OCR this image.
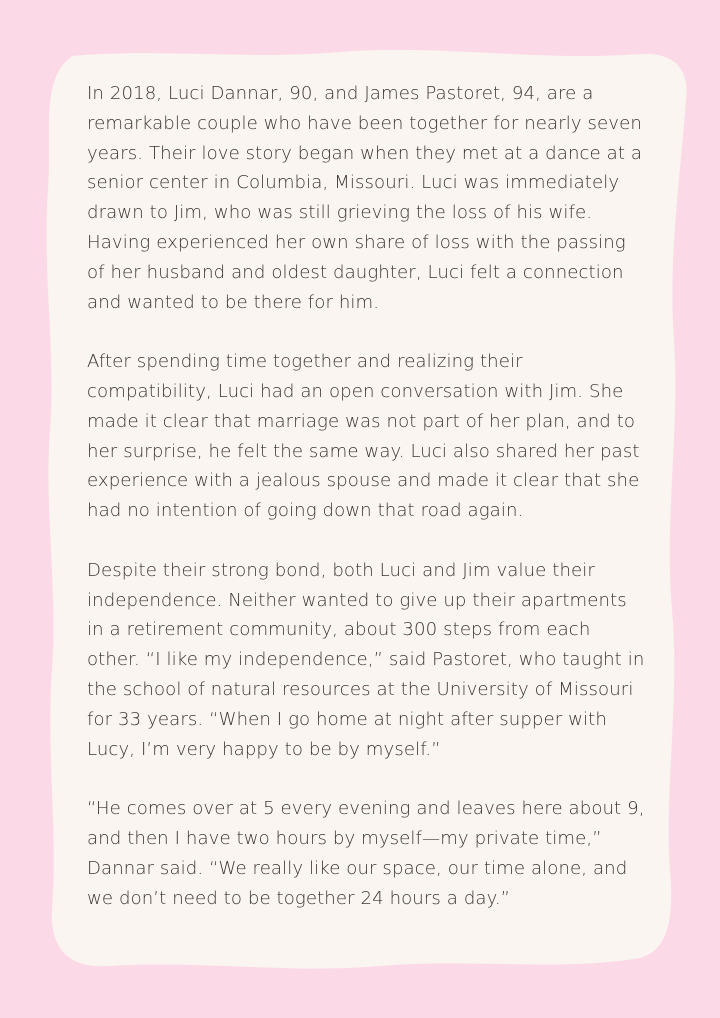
In 2018, Luci Dannar, 90, and James Pastoret, 94, are a remarkable couple who have been together for nearly seven years. Their love story began when they met at a dance at a senior center in Columbia, Missouri. Luci was immediately drawn to Jim, who was still grieving the loss of his wife. Having experienced her own share of loss with the passing of her husband and oldest daughter, Luci felt a connection and wanted to be there for him.

After spending time together and realizing their compatibility, Luci had an open conversation with Jim. She made it clear that marriage was not part of her plan, and to her surprise, he felt the same way. Luci also shared her past experience with a jealous spouse and made it clear that she had no intention of going down that road again.

Despite their strong bond, both Luci and Jim value their independence. Neither wanted to give up their apartments in a retirement community, about 300 steps from each other. “I like my independence,” said Pastoret, who taught in the school of natural resources at the University of Missouri for 33 years. “When I go home at night after supper with Lucy, I’m very happy to be by myself.”

“He comes over at 5 every evening and leaves here about 9, and then I have two hours by myself—my private time,” Dannar said. “We really like our space, our time alone, and we don’t need to be together 24 hours a day.”
